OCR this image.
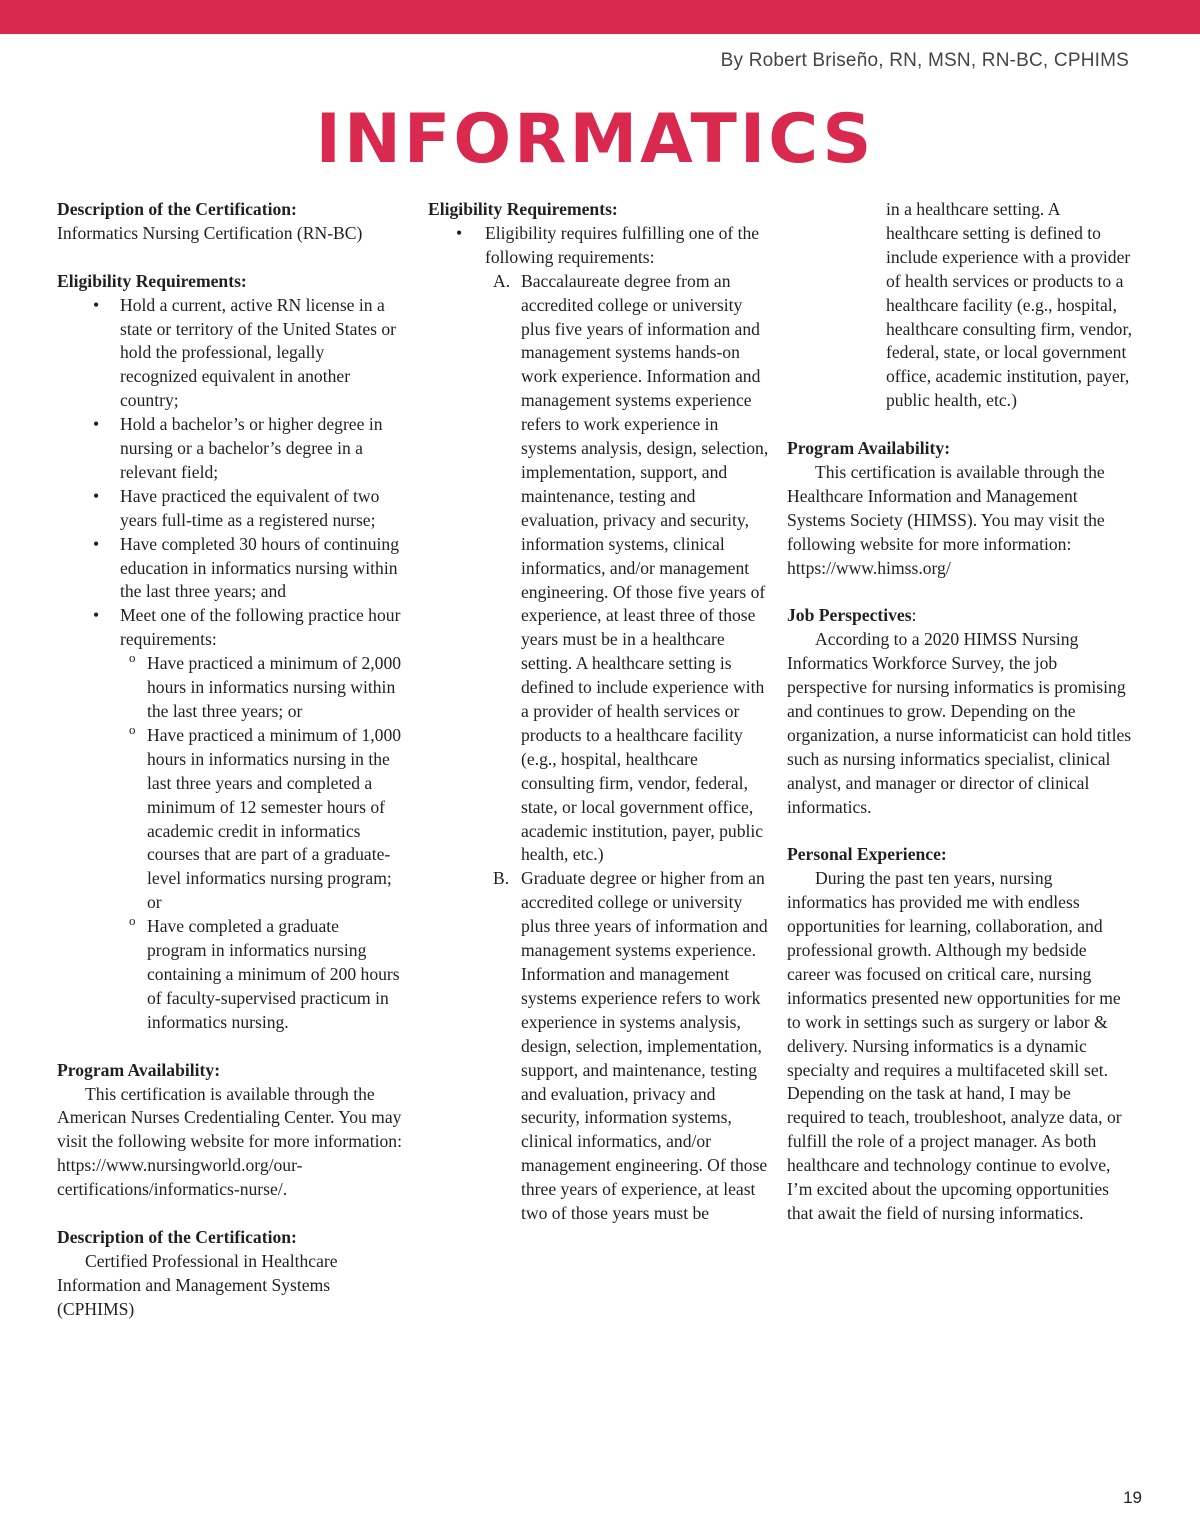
By Robert Briseño, RN, MSN, RN-BC, CPHIMS
INFORMATICS

Description of the Certification:

Informatics Nursing Certification (RN-BC)

Eligibility Requirements:

• Hold a current, active RN license in a state or territory of the United States or hold the professional, legally recognized equivalent in another country;
• Hold a bachelor’s or higher degree in nursing or a bachelor’s degree in a relevant field;
• Have practiced the equivalent of two years full-time as a registered nurse;
• Have completed 30 hours of continuing education in informatics nursing within the last three years; and
• Meet one of the following practice hour requirements:
o Have practiced a minimum of 2,000 hours in informatics nursing within the last three years; or
o Have practiced a minimum of 1,000 hours in informatics nursing in the last three years and completed a minimum of 12 semester hours of academic credit in informatics courses that are part of a graduate-level informatics nursing program; or
o Have completed a graduate program in informatics nursing containing a minimum of 200 hours of faculty-supervised practicum in informatics nursing.

Program Availability:

This certification is available through the American Nurses Credentialing Center. You may visit the following website for more information: https://www.nursingworld.org/our-certifications/informatics-nurse/.

Description of the Certification:

Certified Professional in Healthcare Information and Management Systems (CPHIMS)

Eligibility Requirements:

• Eligibility requires fulfilling one of the following requirements:
A. Baccalaureate degree from an accredited college or university plus five years of information and management systems hands-on work experience. Information and management systems experience refers to work experience in systems analysis, design, selection, implementation, support, and maintenance, testing and evaluation, privacy and security, information systems, clinical informatics, and/or management engineering. Of those five years of experience, at least three of those years must be in a healthcare setting. A healthcare setting is defined to include experience with a provider of health services or products to a healthcare facility (e.g., hospital, healthcare consulting firm, vendor, federal, state, or local government office, academic institution, payer, public health, etc.)
B. Graduate degree or higher from an accredited college or university plus three years of information and management systems experience. Information and management systems experience refers to work experience in systems analysis, design, selection, implementation, support, and maintenance, testing and evaluation, privacy and security, information systems, clinical informatics, and/or management engineering. Of those three years of experience, at least two of those years must be

in a healthcare setting. A healthcare setting is defined to include experience with a provider of health services or products to a healthcare facility (e.g., hospital, healthcare consulting firm, vendor, federal, state, or local government office, academic institution, payer, public health, etc.)

Program Availability:

This certification is available through the Healthcare Information and Management Systems Society (HIMSS). You may visit the following website for more information: https://www.himss.org/

Job Perspectives:

According to a 2020 HIMSS Nursing Informatics Workforce Survey, the job perspective for nursing informatics is promising and continues to grow. Depending on the organization, a nurse informaticist can hold titles such as nursing informatics specialist, clinical analyst, and manager or director of clinical informatics.

Personal Experience:

During the past ten years, nursing informatics has provided me with endless opportunities for learning, collaboration, and professional growth. Although my bedside career was focused on critical care, nursing informatics presented new opportunities for me to work in settings such as surgery or labor & delivery. Nursing informatics is a dynamic specialty and requires a multifaceted skill set. Depending on the task at hand, I may be required to teach, troubleshoot, analyze data, or fulfill the role of a project manager. As both healthcare and technology continue to evolve, I’m excited about the upcoming opportunities that await the field of nursing informatics.

19
